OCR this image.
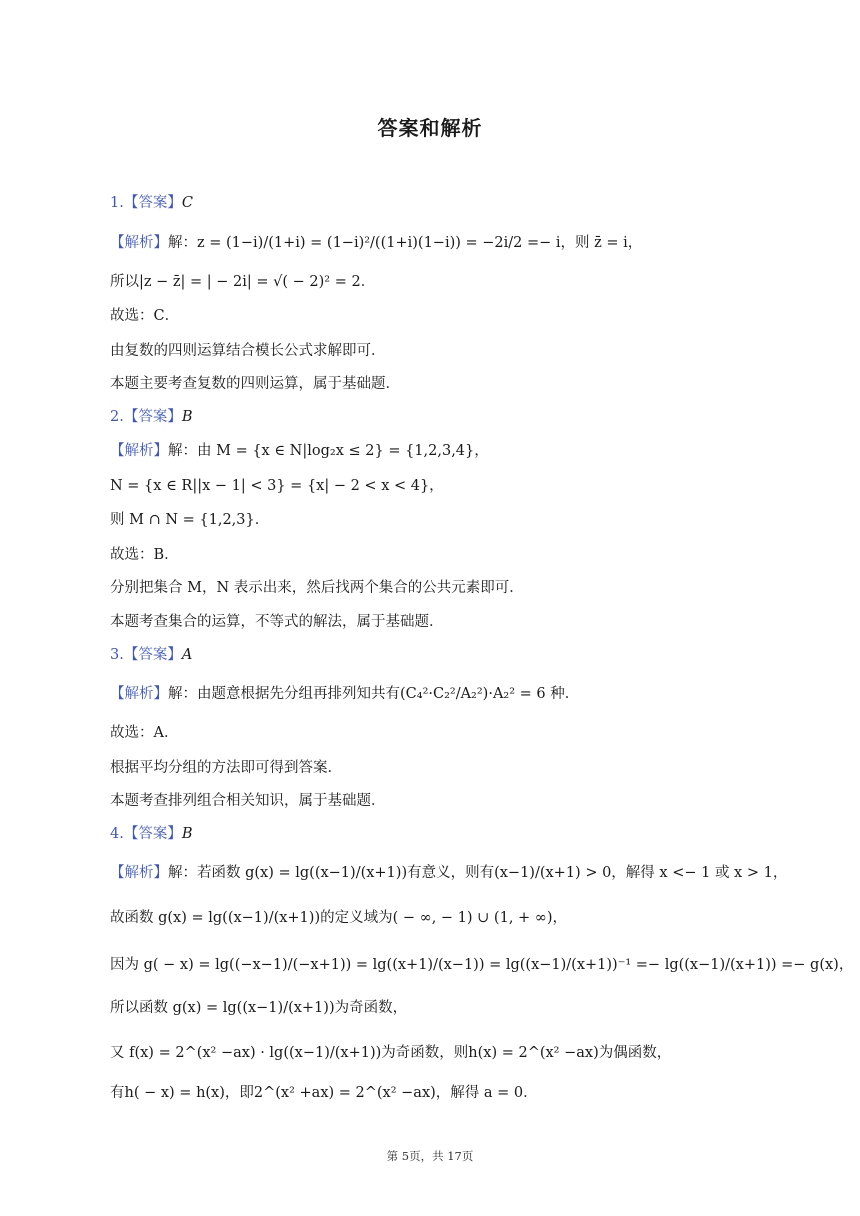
答案和解析
1.【答案】C
【解析】解：z = (1−i)/(1+i) = (1−i)²/((1+i)(1−i)) = −2i/2 =− i，则 z̄ = i，
所以|z − z̄| = | − 2i| = √( − 2)² = 2．
故选：C．
由复数的四则运算结合模长公式求解即可．
本题主要考查复数的四则运算，属于基础题．
2.【答案】B
【解析】解：由 M = {x ∈ N|log₂x ≤ 2} = {1,2,3,4}，
N = {x ∈ R||x − 1| < 3} = {x| − 2 < x < 4}，
则 M ∩ N = {1,2,3}．
故选：B．
分别把集合 M，N 表示出来，然后找两个集合的公共元素即可．
本题考查集合的运算，不等式的解法，属于基础题．
3.【答案】A
【解析】解：由题意根据先分组再排列知共有(C₄²·C₂²/A₂²)·A₂² = 6 种．
故选：A．
根据平均分组的方法即可得到答案．
本题考查排列组合相关知识，属于基础题．
4.【答案】B
【解析】解：若函数 g(x) = lg((x−1)/(x+1))有意义，则有(x−1)/(x+1) > 0，解得 x <− 1 或 x > 1，
故函数 g(x) = lg((x−1)/(x+1))的定义域为( − ∞, − 1) ∪ (1, + ∞)，
因为 g( − x) = lg((−x−1)/(−x+1)) = lg((x+1)/(x−1)) = lg((x−1)/(x+1))⁻¹ =− lg((x−1)/(x+1)) =− g(x)，
所以函数 g(x) = lg((x−1)/(x+1))为奇函数，
又 f(x) = 2^(x² −ax) · lg((x−1)/(x+1))为奇函数，则h(x) = 2^(x² −ax)为偶函数，
有h( − x) = h(x)，即2^(x² +ax) = 2^(x² −ax)，解得 a = 0．
第 5页，共 17页
